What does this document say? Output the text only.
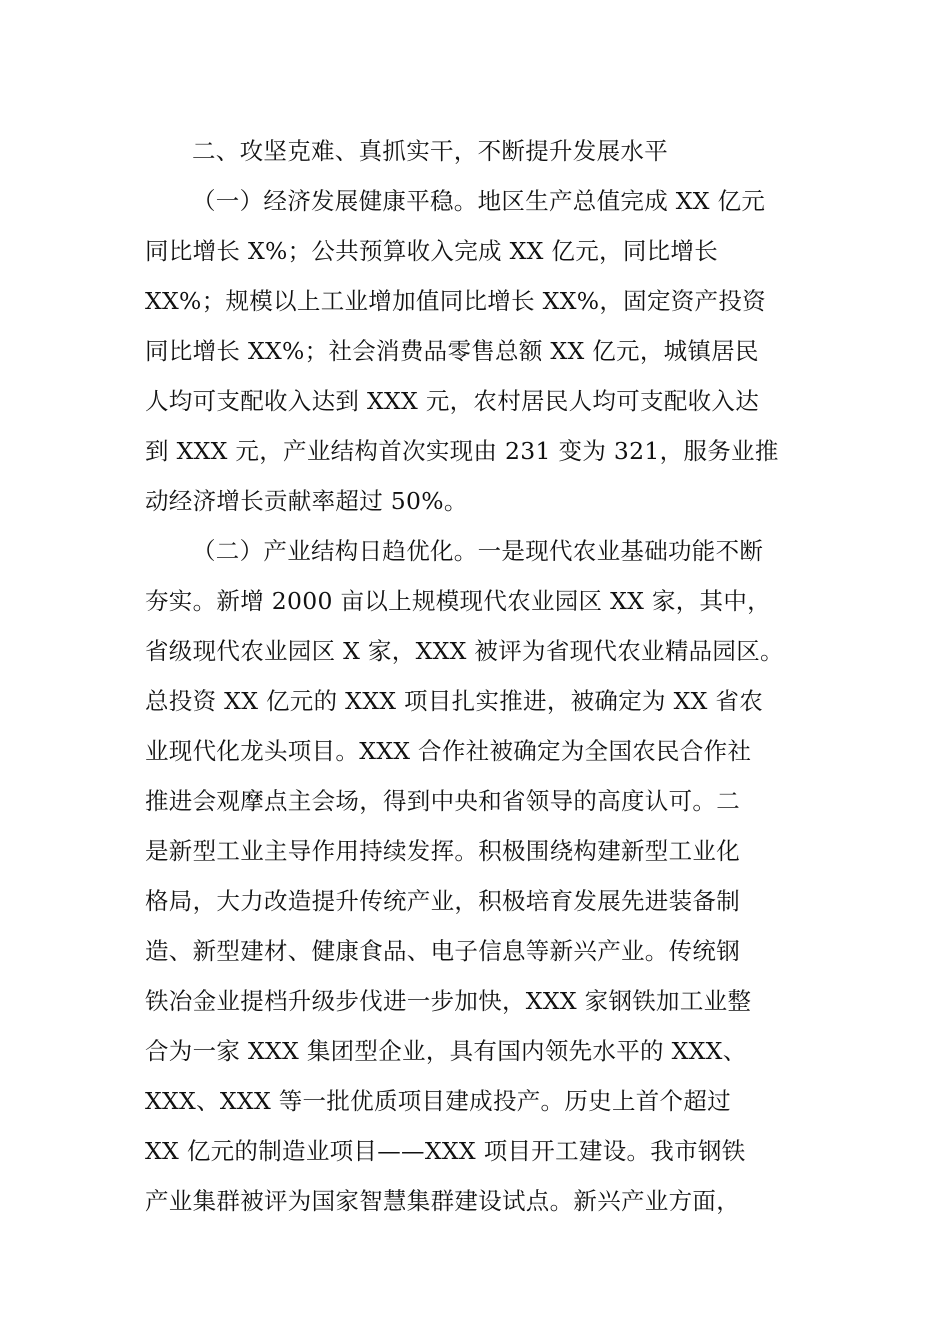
二、攻坚克难、真抓实干，不断提升发展水平
（一）经济发展健康平稳。地区生产总值完成 XX 亿元
同比增长 X%；公共预算收入完成 XX 亿元，同比增长
XX%；规模以上工业增加值同比增长 XX%，固定资产投资
同比增长 XX%；社会消费品零售总额 XX 亿元，城镇居民
人均可支配收入达到 XXX 元，农村居民人均可支配收入达
到 XXX 元，产业结构首次实现由 231 变为 321，服务业推
动经济增长贡献率超过 50%。
（二）产业结构日趋优化。一是现代农业基础功能不断
夯实。新增 2000 亩以上规模现代农业园区 XX 家，其中，
省级现代农业园区 X 家，XXX 被评为省现代农业精品园区。
总投资 XX 亿元的 XXX 项目扎实推进，被确定为 XX 省农
业现代化龙头项目。XXX 合作社被确定为全国农民合作社
推进会观摩点主会场，得到中央和省领导的高度认可。二
是新型工业主导作用持续发挥。积极围绕构建新型工业化
格局，大力改造提升传统产业，积极培育发展先进装备制
造、新型建材、健康食品、电子信息等新兴产业。传统钢
铁冶金业提档升级步伐进一步加快，XXX 家钢铁加工业整
合为一家 XXX 集团型企业，具有国内领先水平的 XXX、
XXX、XXX 等一批优质项目建成投产。历史上首个超过
XX 亿元的制造业项目——XXX 项目开工建设。我市钢铁
产业集群被评为国家智慧集群建设试点。新兴产业方面，
